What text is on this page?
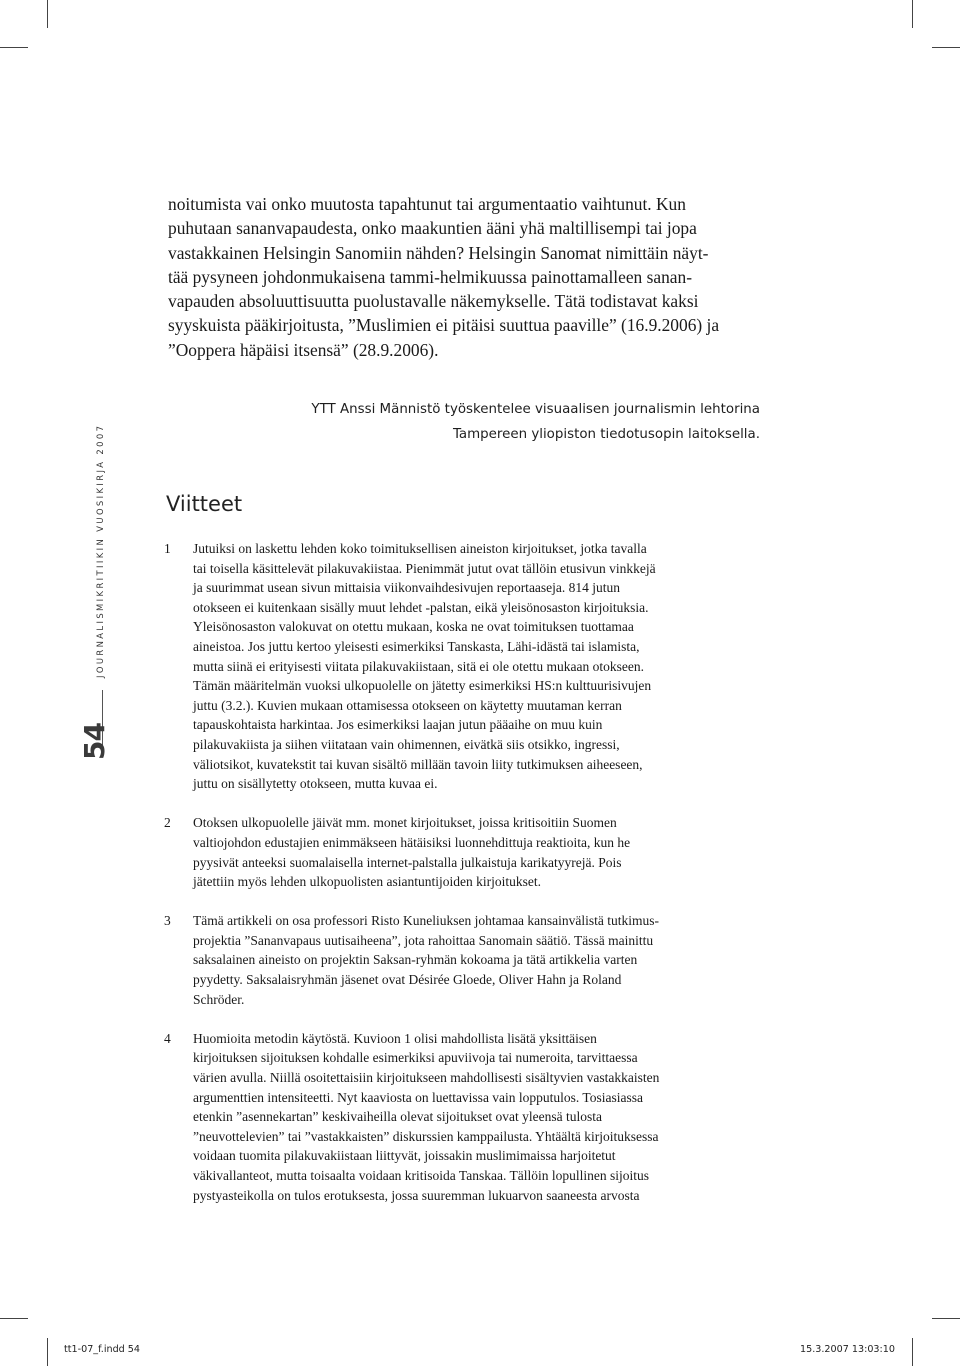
noitumista vai onko muutosta tapahtunut tai argumentaatio vaihtunut. Kun
puhutaan sananvapaudesta, onko maakuntien ääni yhä maltillisempi tai jopa
vastakkainen Helsingin Sanomiin nähden? Helsingin Sanomat nimittäin näyt-
tää pysyneen johdonmukaisena tammi-helmikuussa painottamalleen sanan-
vapauden absoluuttisuutta puolustavalle näkemykselle. Tätä todistavat kaksi
syyskuista pääkirjoitusta, ”Muslimien ei pitäisi suuttua paaville” (16.9.2006) ja
”Ooppera häpäisi itsensä” (28.9.2006).
YTT Anssi Männistö työskentelee visuaalisen journalismin lehtorina
Tampereen yliopiston tiedotusopin laitoksella.
JOURNALISMIKRITIIKIN VUOSIKIRJA 2007
54
Viitteet
1 Jutuiksi on laskettu lehden koko toimituksellisen aineiston kirjoitukset, jotka tavalla
tai toisella käsittelevät pilakuvakiistaa. Pienimmät jutut ovat tällöin etusivun vinkkejä
ja suurimmat usean sivun mittaisia viikonvaihdesivujen reportaaseja. 814 jutun
otokseen ei kuitenkaan sisälly muut lehdet -palstan, eikä yleisönosaston kirjoituksia.
Yleisönosaston valokuvat on otettu mukaan, koska ne ovat toimituksen tuottamaa
aineistoa. Jos juttu kertoo yleisesti esimerkiksi Tanskasta, Lähi-idästä tai islamista,
mutta siinä ei erityisesti viitata pilakuvakiistaan, sitä ei ole otettu mukaan otokseen.
Tämän määritelmän vuoksi ulkopuolelle on jätetty esimerkiksi HS:n kulttuurisivujen
juttu (3.2.). Kuvien mukaan ottamisessa otokseen on käytetty muutaman kerran
tapauskohtaista harkintaa. Jos esimerkiksi laajan jutun pääaihe on muu kuin
pilakuvakiista ja siihen viitataan vain ohimennen, eivätkä siis otsikko, ingressi,
väliotsikot, kuvatekstit tai kuvan sisältö millään tavoin liity tutkimuksen aiheeseen,
juttu on sisällytetty otokseen, mutta kuvaa ei.
2 Otoksen ulkopuolelle jäivät mm. monet kirjoitukset, joissa kritisoitiin Suomen
valtiojohdon edustajien enimmäkseen hätäisiksi luonnehdittuja reaktioita, kun he
pyysivät anteeksi suomalaisella internet-palstalla julkaistuja karikatyyrejä. Pois
jätettiin myös lehden ulkopuolisten asiantuntijoiden kirjoitukset.
3 Tämä artikkeli on osa professori Risto Kuneliuksen johtamaa kansainvälistä tutkimus-
projektia ”Sananvapaus uutisaiheena”, jota rahoittaa Sanomain säätiö. Tässä mainittu
saksalainen aineisto on projektin Saksan-ryhmän kokoama ja tätä artikkelia varten
pyydetty. Saksalaisryhmän jäsenet ovat Désirée Gloede, Oliver Hahn ja Roland
Schröder.
4 Huomioita metodin käytöstä. Kuvioon 1 olisi mahdollista lisätä yksittäisen
kirjoituksen sijoituksen kohdalle esimerkiksi apuviivoja tai numeroita, tarvittaessa
värien avulla. Niillä osoitettaisiin kirjoitukseen mahdollisesti sisältyvien vastakkaisten
argumenttien intensiteetti. Nyt kaaviosta on luettavissa vain lopputulos. Tosiasiassa
etenkin ”asennekartan” keskivaiheilla olevat sijoitukset ovat yleensä tulosta
”neuvottelevien” tai ”vastakkaisten” diskurssien kamppailusta. Yhtäältä kirjoituksessa
voidaan tuomita pilakuvakiistaan liittyvät, joissakin muslimimaissa harjoitetut
väkivallanteot, mutta toisaalta voidaan kritisoida Tanskaa. Tällöin lopullinen sijoitus
pystyasteikolla on tulos erotuksesta, jossa suuremman lukuarvon saaneesta arvosta
tt1-07_f.indd 54	15.3.2007 13:03:10
